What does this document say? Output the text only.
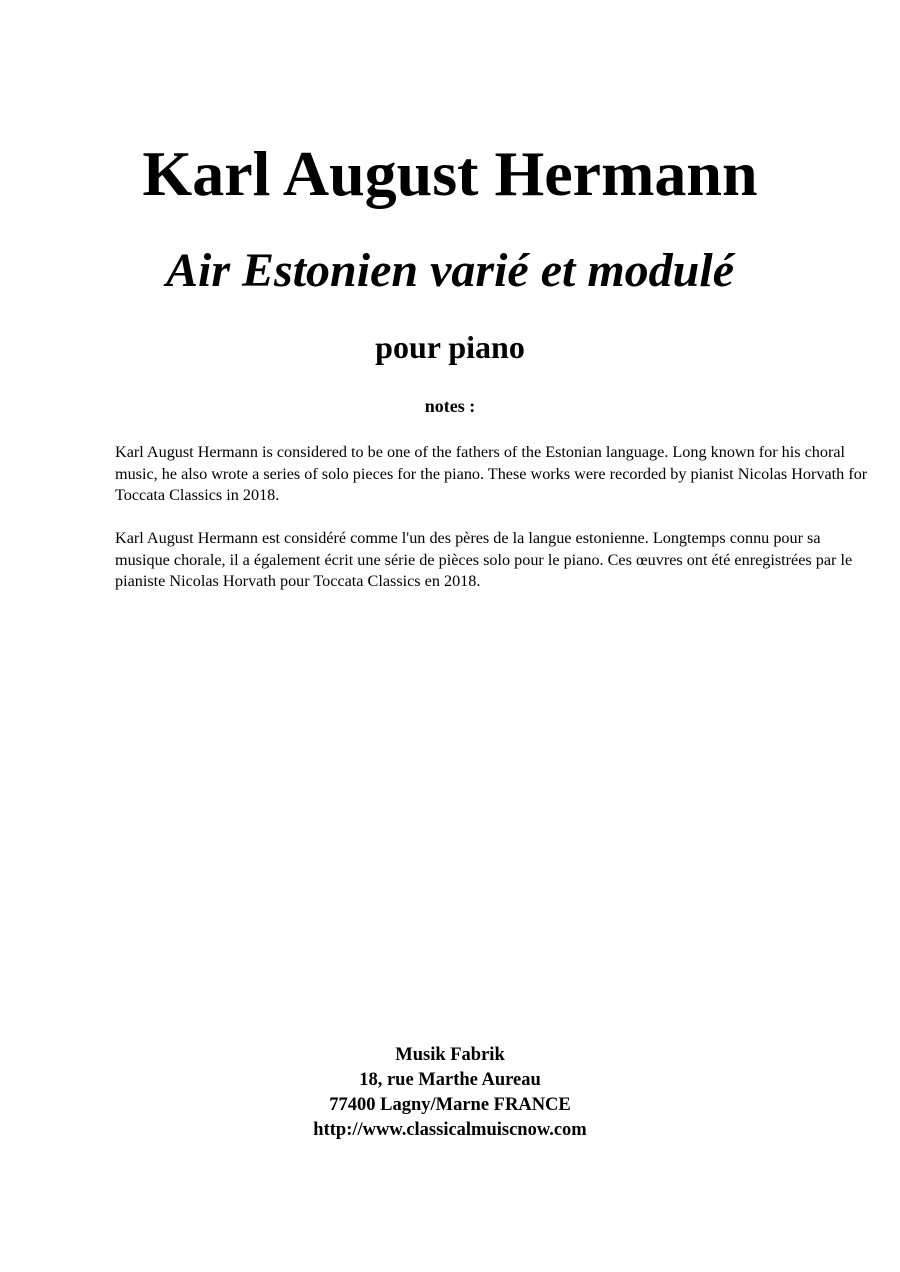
Karl August Hermann
Air Estonien varié et modulé
pour piano
notes :

Karl August Hermann is considered to be one of the fathers of the Estonian language. Long known for his choral music, he also wrote a series of solo pieces for the piano. These works were recorded by pianist Nicolas Horvath for Toccata Classics in 2018.

Karl August Hermann est considéré comme l'un des pères de la langue estonienne. Longtemps connu pour sa musique chorale, il a également écrit une série de pièces solo pour le piano. Ces œuvres ont été enregistrées par le pianiste Nicolas Horvath pour Toccata Classics en 2018.

Musik Fabrik
18, rue Marthe Aureau
77400 Lagny/Marne FRANCE
http://www.classicalmuiscnow.com
